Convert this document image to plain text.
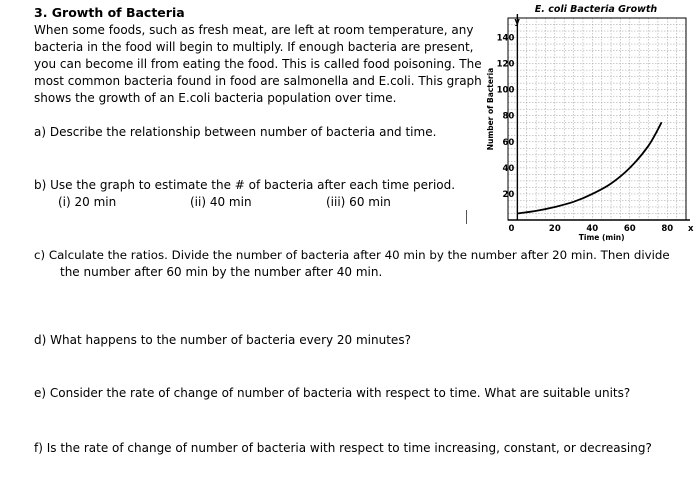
3. Growth of Bacteria
When some foods, such as fresh meat, are left at room temperature, any
bacteria in the food will begin to multiply. If enough bacteria are present,
you can become ill from eating the food. This is called food poisoning. The
most common bacteria found in food are salmonella and E.coli. This graph
shows the growth of an E.coli bacteria population over time.
a) Describe the relationship between number of bacteria and time.
b) Use the graph to estimate the # of bacteria after each time period.
(i) 20 min	(ii) 40 min	(iii) 60 min
c) Calculate the ratios. Divide the number of bacteria after 40 min by the number after 20 min. Then divide
the number after 60 min by the number after 40 min.
d) What happens to the number of bacteria every 20 minutes?
e) Consider the rate of change of number of bacteria with respect to time. What are suitable units?
f) Is the rate of change of number of bacteria with respect to time increasing, constant, or decreasing?
E. coli Bacteria Growth
20
40
60
80
100
120
140
0	20	40	60	80
y
x
Time (min)
Number of Bacteria
